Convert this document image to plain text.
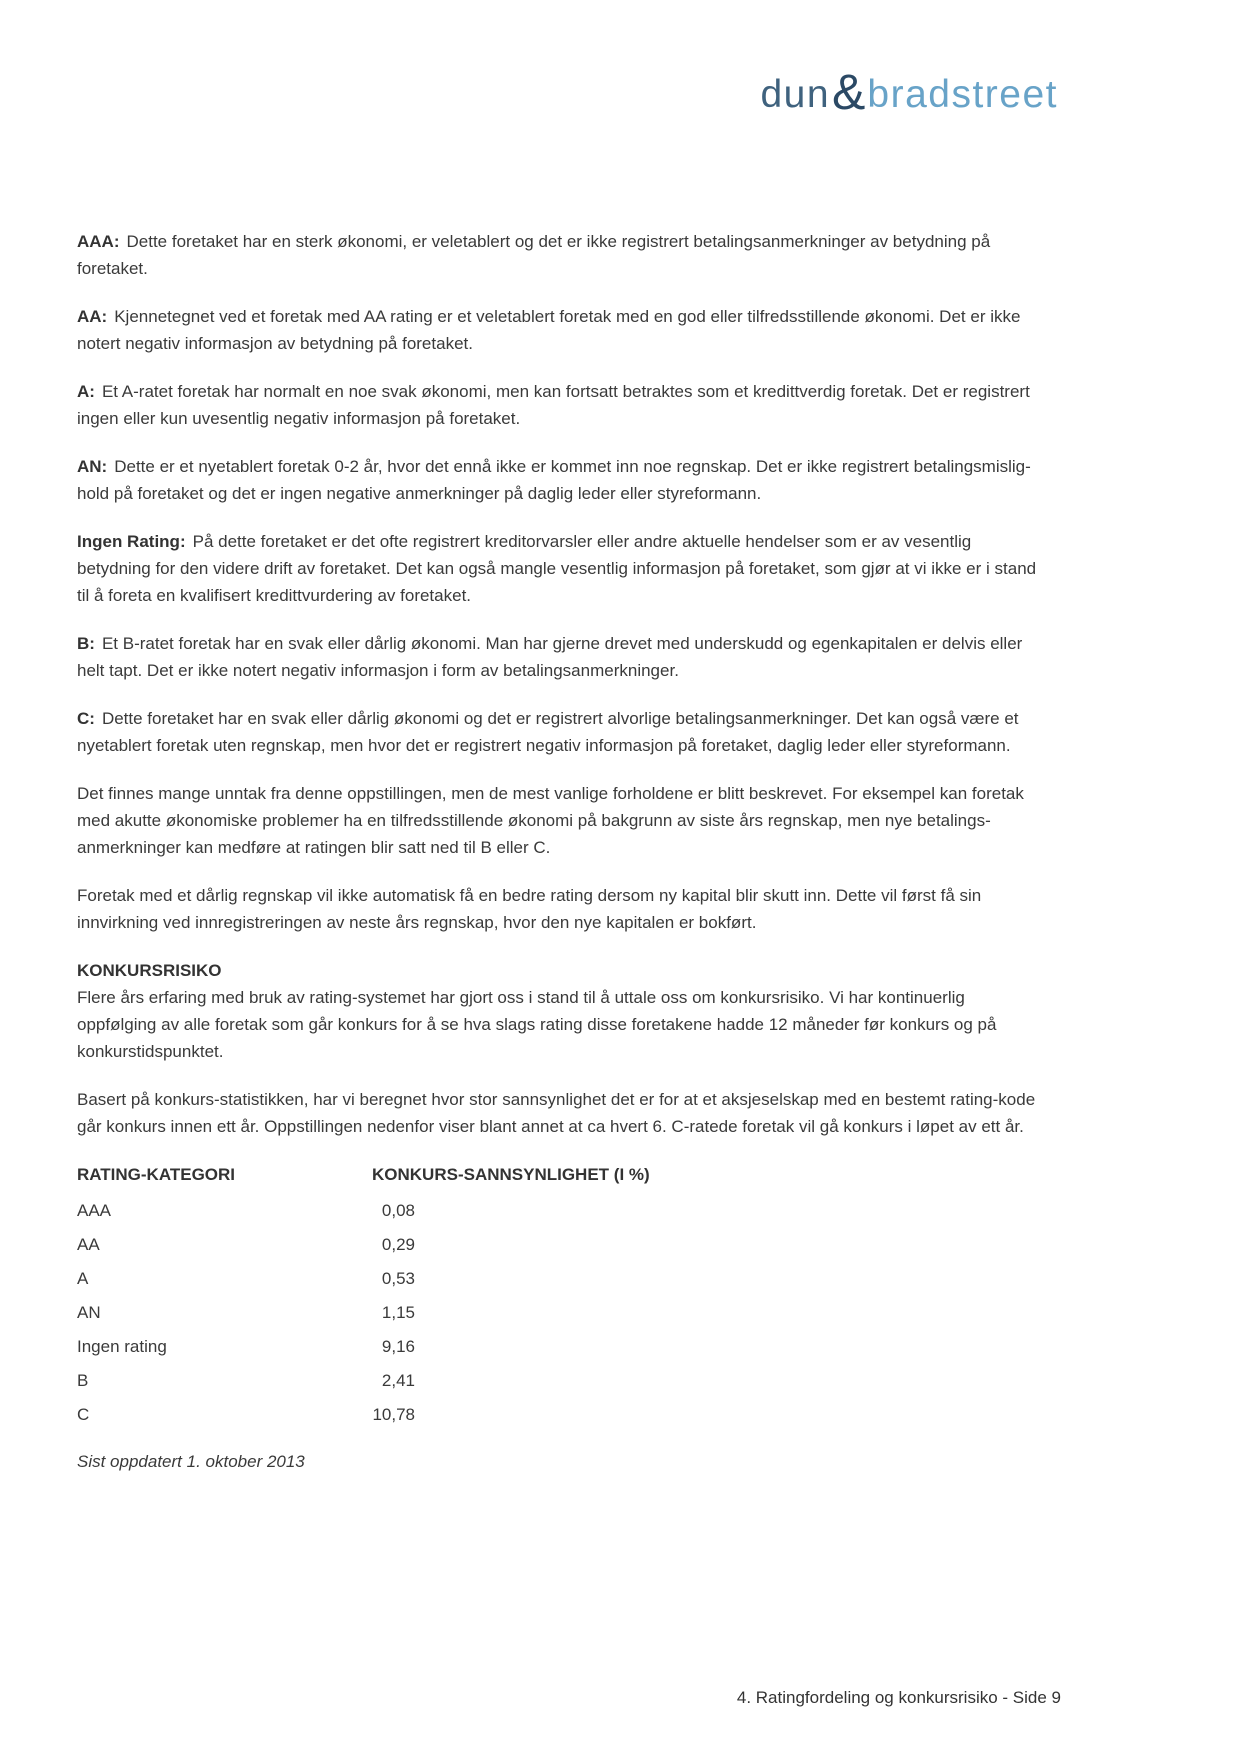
dun & bradstreet

AAA: Dette foretaket har en sterk økonomi, er veletablert og det er ikke registrert betalingsanmerkninger av betydning på foretaket.

AA: Kjennetegnet ved et foretak med AA rating er et veletablert foretak med en god eller tilfredsstillende økonomi. Det er ikke notert negativ informasjon av betydning på foretaket.

A: Et A-ratet foretak har normalt en noe svak økonomi, men kan fortsatt betraktes som et kredittverdig foretak. Det er registrert ingen eller kun uvesentlig negativ informasjon på foretaket.

AN: Dette er et nyetablert foretak 0-2 år, hvor det ennå ikke er kommet inn noe regnskap. Det er ikke registrert betalingsmislig- hold på foretaket og det er ingen negative anmerkninger på daglig leder eller styreformann.

Ingen Rating: På dette foretaket er det ofte registrert kreditorvarsler eller andre aktuelle hendelser som er av vesentlig betydning for den videre drift av foretaket. Det kan også mangle vesentlig informasjon på foretaket, som gjør at vi ikke er i stand til å foreta en kvalifisert kredittvurdering av foretaket.

B: Et B-ratet foretak har en svak eller dårlig økonomi. Man har gjerne drevet med underskudd og egenkapitalen er delvis eller helt tapt. Det er ikke notert negativ informasjon i form av betalingsanmerkninger.

C: Dette foretaket har en svak eller dårlig økonomi og det er registrert alvorlige betalingsanmerkninger. Det kan også være et nyetablert foretak uten regnskap, men hvor det er registrert negativ informasjon på foretaket, daglig leder eller styreformann.

Det finnes mange unntak fra denne oppstillingen, men de mest vanlige forholdene er blitt beskrevet. For eksempel kan foretak med akutte økonomiske problemer ha en tilfredsstillende økonomi på bakgrunn av siste års regnskap, men nye betalings- anmerkninger kan medføre at ratingen blir satt ned til B eller C.

Foretak med et dårlig regnskap vil ikke automatisk få en bedre rating dersom ny kapital blir skutt inn. Dette vil først få sin innvirkning ved innregistreringen av neste års regnskap, hvor den nye kapitalen er bokført.

KONKURSRISIKO
Flere års erfaring med bruk av rating-systemet har gjort oss i stand til å uttale oss om konkursrisiko. Vi har kontinuerlig oppfølging av alle foretak som går konkurs for å se hva slags rating disse foretakene hadde 12 måneder før konkurs og på konkurstidspunktet.

Basert på konkurs-statistikken, har vi beregnet hvor stor sannsynlighet det er for at et aksjeselskap med en bestemt rating-kode går konkurs innen ett år. Oppstillingen nedenfor viser blant annet at ca hvert 6. C-ratede foretak vil gå konkurs i løpet av ett år.

RATING-KATEGORI	KONKURS-SANNSYNLIGHET (I %)
AAA	0,08
AA	0,29
A	0,53
AN	1,15
Ingen rating	9,16
B	2,41
C	10,78

Sist oppdatert 1. oktober 2013

4. Ratingfordeling og konkursrisiko - Side 9
